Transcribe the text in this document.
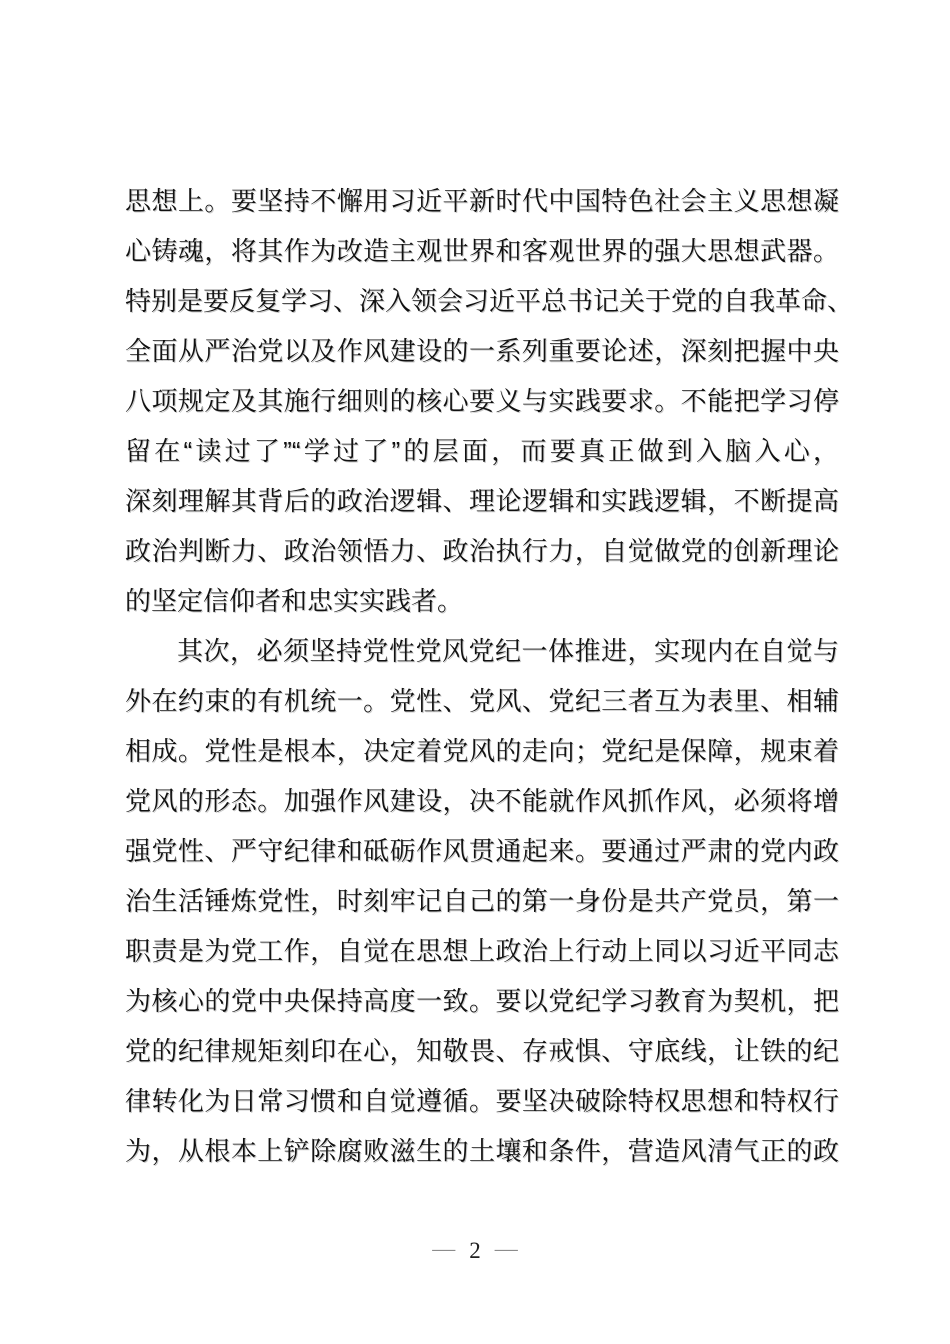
思想上。要坚持不懈用习近平新时代中国特色社会主义思想凝
心铸魂，将其作为改造主观世界和客观世界的强大思想武器。
特别是要反复学习、深入领会习近平总书记关于党的自我革命、
全面从严治党以及作风建设的一系列重要论述，深刻把握中央
八项规定及其施行细则的核心要义与实践要求。不能把学习停
留在“读过了”“学过了”的层面，而要真正做到入脑入心，
深刻理解其背后的政治逻辑、理论逻辑和实践逻辑，不断提高
政治判断力、政治领悟力、政治执行力，自觉做党的创新理论
的坚定信仰者和忠实实践者。
其次，必须坚持党性党风党纪一体推进，实现内在自觉与
外在约束的有机统一。党性、党风、党纪三者互为表里、相辅
相成。党性是根本，决定着党风的走向；党纪是保障，规束着
党风的形态。加强作风建设，决不能就作风抓作风，必须将增
强党性、严守纪律和砥砺作风贯通起来。要通过严肃的党内政
治生活锤炼党性，时刻牢记自己的第一身份是共产党员，第一
职责是为党工作，自觉在思想上政治上行动上同以习近平同志
为核心的党中央保持高度一致。要以党纪学习教育为契机，把
党的纪律规矩刻印在心，知敬畏、存戒惧、守底线，让铁的纪
律转化为日常习惯和自觉遵循。要坚决破除特权思想和特权行
为，从根本上铲除腐败滋生的土壤和条件，营造风清气正的政
— 2 —
